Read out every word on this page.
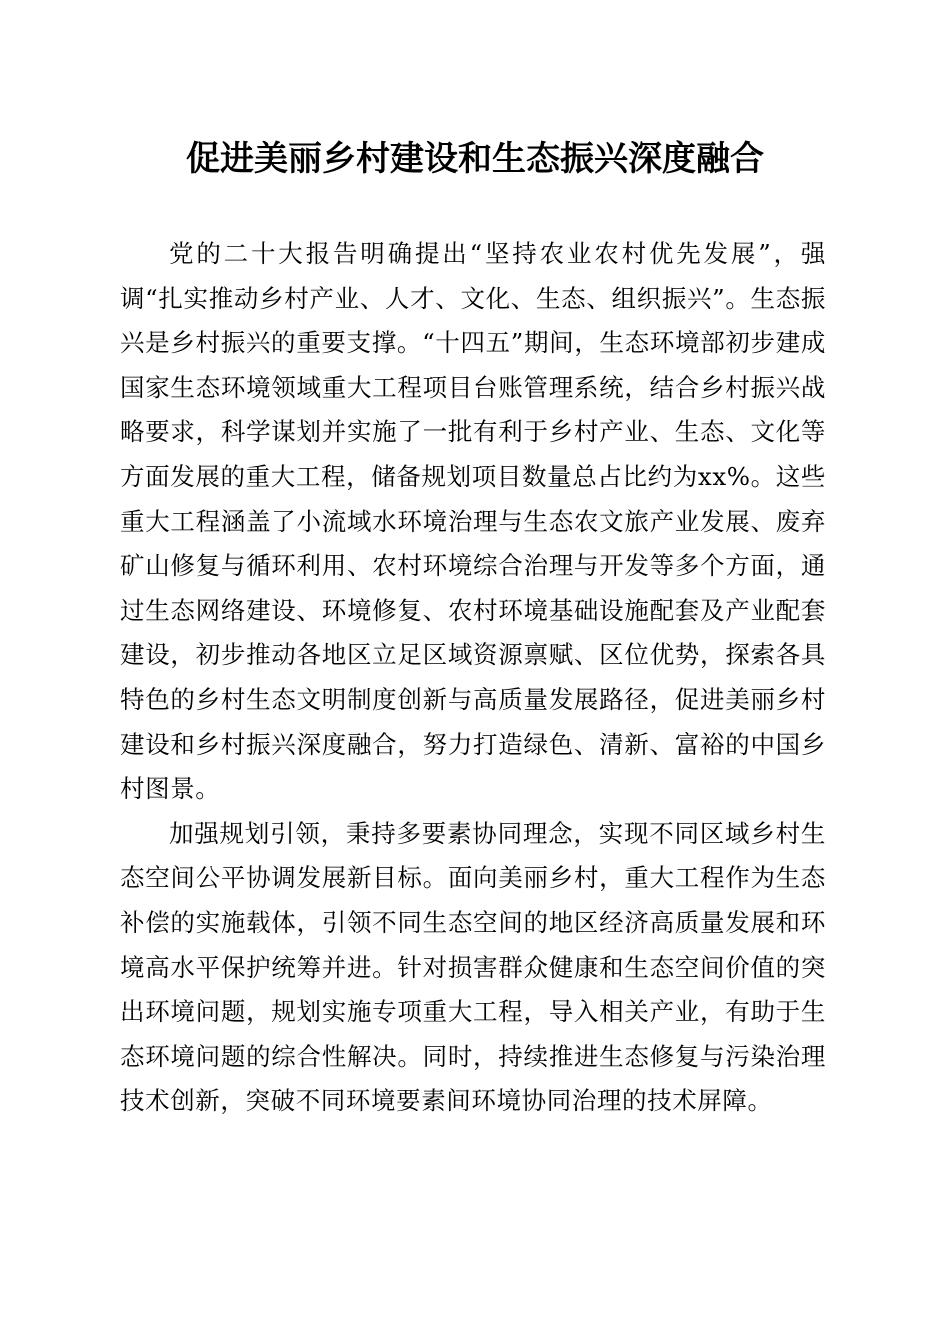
促进美丽乡村建设和生态振兴深度融合

党的二十大报告明确提出“坚持农业农村优先发展”，强调“扎实推动乡村产业、人才、文化、生态、组织振兴”。生态振兴是乡村振兴的重要支撑。“十四五”期间，生态环境部初步建成国家生态环境领域重大工程项目台账管理系统，结合乡村振兴战略要求，科学谋划并实施了一批有利于乡村产业、生态、文化等方面发展的重大工程，储备规划项目数量总占比约为xx%。这些重大工程涵盖了小流域水环境治理与生态农文旅产业发展、废弃矿山修复与循环利用、农村环境综合治理与开发等多个方面，通过生态网络建设、环境修复、农村环境基础设施配套及产业配套建设，初步推动各地区立足区域资源禀赋、区位优势，探索各具特色的乡村生态文明制度创新与高质量发展路径，促进美丽乡村建设和乡村振兴深度融合，努力打造绿色、清新、富裕的中国乡村图景。

加强规划引领，秉持多要素协同理念，实现不同区域乡村生态空间公平协调发展新目标。面向美丽乡村，重大工程作为生态补偿的实施载体，引领不同生态空间的地区经济高质量发展和环境高水平保护统筹并进。针对损害群众健康和生态空间价值的突出环境问题，规划实施专项重大工程，导入相关产业，有助于生态环境问题的综合性解决。同时，持续推进生态修复与污染治理技术创新，突破不同环境要素间环境协同治理的技术屏障。
